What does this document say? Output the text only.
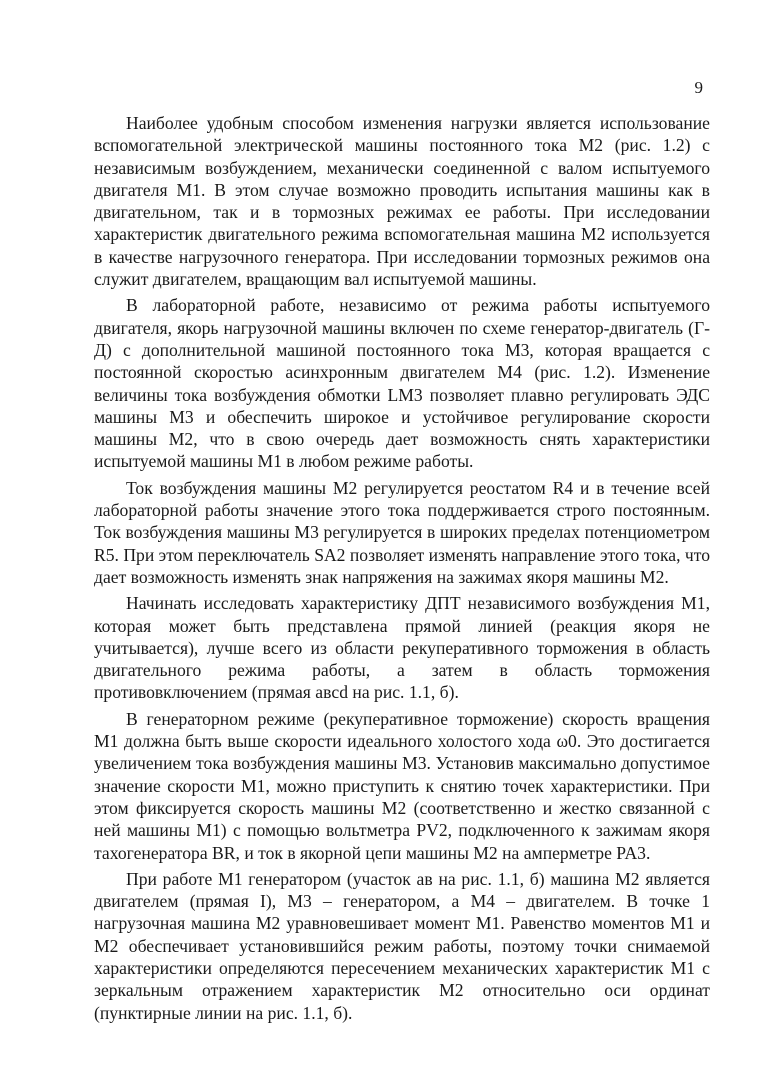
9

Наиболее удобным способом изменения нагрузки является использование вспомогательной электрической машины постоянного тока М2 (рис. 1.2) с независимым возбуждением, механически соединенной с валом испытуемого двигателя М1. В этом случае возможно проводить испытания машины как в двигательном, так и в тормозных режимах ее работы. При исследовании характеристик двигательного режима вспомогательная машина М2 используется в качестве нагрузочного генератора. При исследовании тормозных режимов она служит двигателем, вращающим вал испытуемой машины.

В лабораторной работе, независимо от режима работы испытуемого двигателя, якорь нагрузочной машины включен по схеме генератор-двигатель (Г-Д) с дополнительной машиной постоянного тока М3, которая вращается с постоянной скоростью асинхронным двигателем М4 (рис. 1.2). Изменение величины тока возбуждения обмотки LМ3 позволяет плавно регулировать ЭДС машины М3 и обеспечить широкое и устойчивое регулирование скорости машины М2, что в свою очередь дает возможность снять характеристики испытуемой машины М1 в любом режиме работы.

Ток возбуждения машины М2 регулируется реостатом R4 и в течение всей лабораторной работы значение этого тока поддерживается строго постоянным. Ток возбуждения машины М3 регулируется в широких пределах потенциометром R5. При этом переключатель SA2 позволяет изменять направление этого тока, что дает возможность изменять знак напряжения на зажимах якоря машины М2.

Начинать исследовать характеристику ДПТ независимого возбуждения М1, которая может быть представлена прямой линией (реакция якоря не учитывается), лучше всего из области рекуперативного торможения в область двигательного режима работы, а затем в область торможения противовключением (прямая aвcd на рис. 1.1, б).

В генераторном режиме (рекуперативное торможение) скорость вращения М1 должна быть выше скорости идеального холостого хода ω0. Это достигается увеличением тока возбуждения машины М3. Установив максимально допустимое значение скорости М1, можно приступить к снятию точек характеристики. При этом фиксируется скорость машины М2 (соответственно и жестко связанной с ней машины М1) с помощью вольтметра PV2, подключенного к зажимам якоря тахогенератора BR, и ток в якорной цепи машины М2 на амперметре PA3.

При работе М1 генератором (участок ав на рис. 1.1, б) машина М2 является двигателем (прямая I), М3 – генератором, а М4 – двигателем. В точке 1 нагрузочная машина М2 уравновешивает момент М1. Равенство моментов М1 и М2 обеспечивает установившийся режим работы, поэтому точки снимаемой характеристики определяются пересечением механических характеристик М1 с зеркальным отражением характеристик М2 относительно оси ординат (пунктирные линии на рис. 1.1, б).
